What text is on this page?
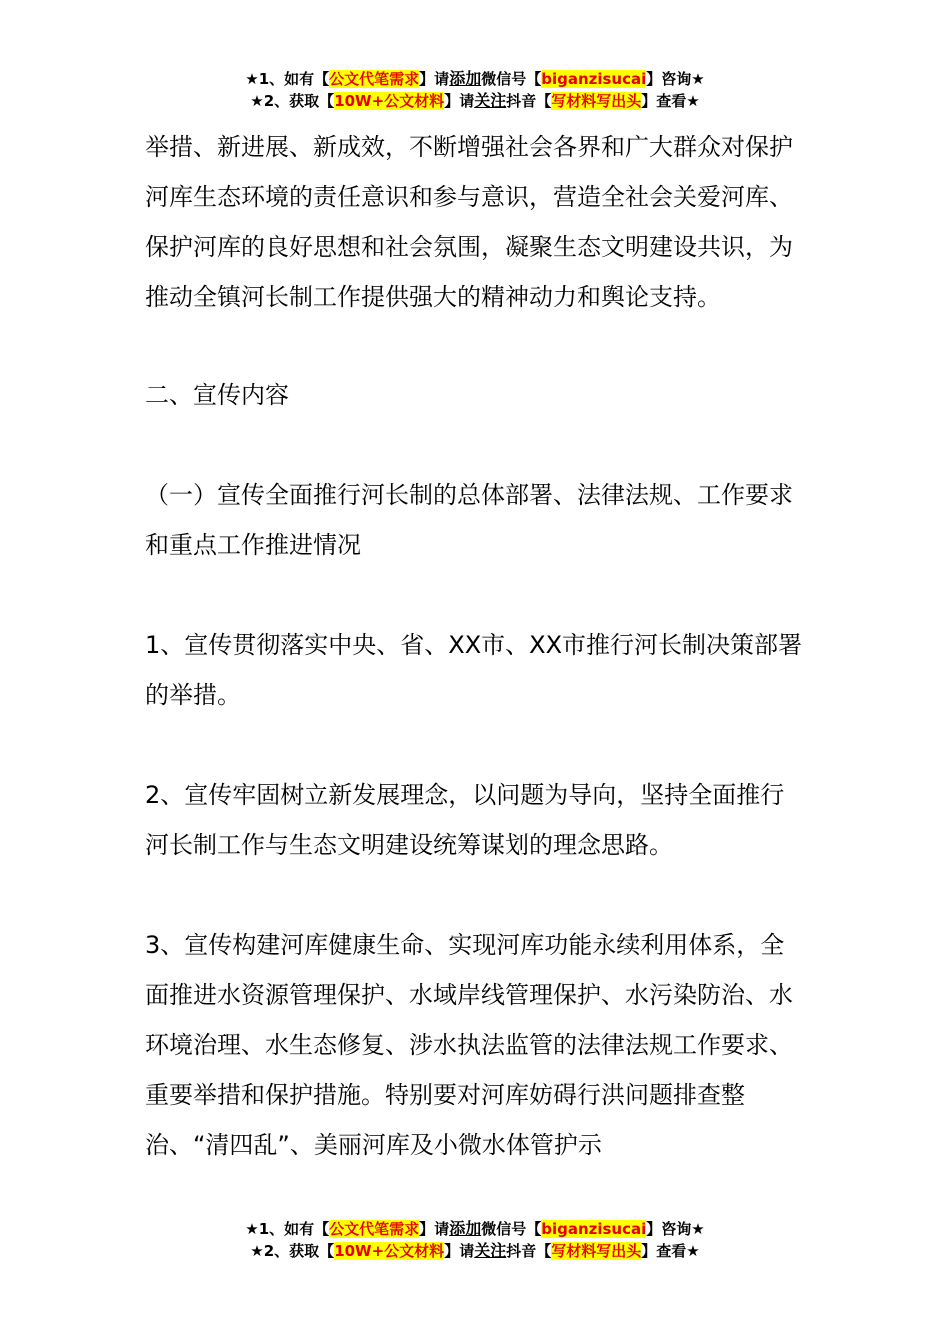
★1、如有【公文代笔需求】请添加微信号【biganzisucai】咨询★
★2、获取【10W+公文材料】请关注抖音【写材料写出头】查看★

举措、新进展、新成效，不断增强社会各界和广大群众对保护河库生态环境的责任意识和参与意识，营造全社会关爱河库、保护河库的良好思想和社会氛围，凝聚生态文明建设共识，为推动全镇河长制工作提供强大的精神动力和舆论支持。

二、宣传内容

（一）宣传全面推行河长制的总体部署、法律法规、工作要求和重点工作推进情况

1、宣传贯彻落实中央、省、XX市、XX市推行河长制决策部署的举措。

2、宣传牢固树立新发展理念，以问题为导向，坚持全面推行河长制工作与生态文明建设统筹谋划的理念思路。

3、宣传构建河库健康生命、实现河库功能永续利用体系，全面推进水资源管理保护、水域岸线管理保护、水污染防治、水环境治理、水生态修复、涉水执法监管的法律法规工作要求、重要举措和保护措施。特别要对河库妨碍行洪问题排查整治、“清四乱”、美丽河库及小微水体管护示

★1、如有【公文代笔需求】请添加微信号【biganzisucai】咨询★
★2、获取【10W+公文材料】请关注抖音【写材料写出头】查看★
